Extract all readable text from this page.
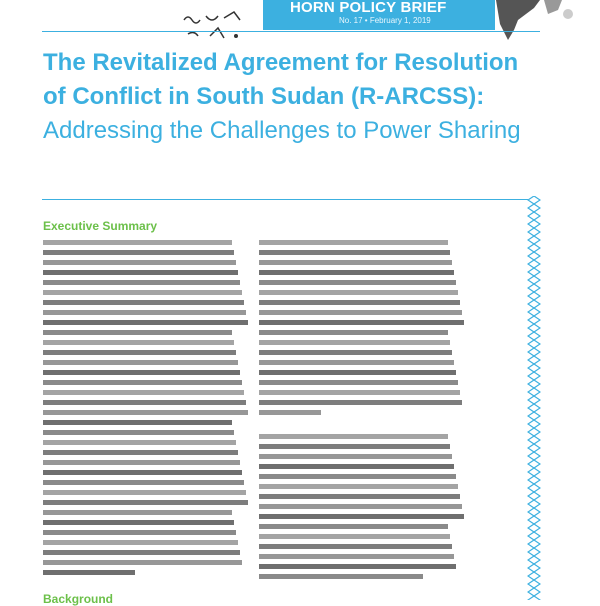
HORN POLICY BRIEF
No. 17 • February 1, 2019
The Revitalized Agreement for Resolution of Conflict in South Sudan (R-ARCSS): Addressing the Challenges to Power Sharing
Executive Summary
Background
